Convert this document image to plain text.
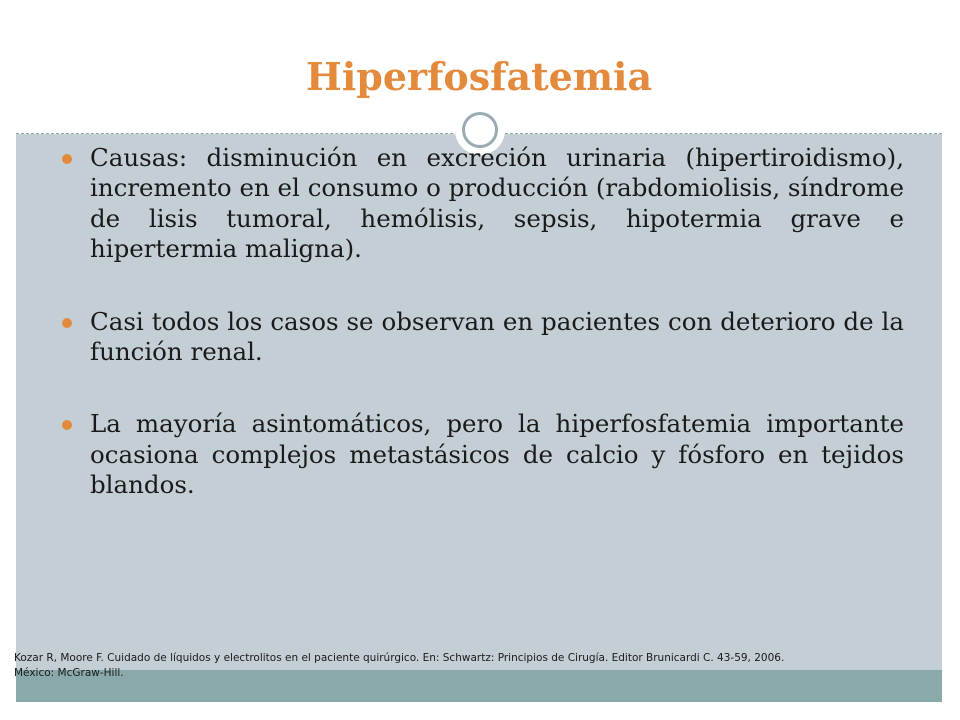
Hiperfosfatemia
Causas: disminución en excreción urinaria (hipertiroidismo), incremento en el consumo o producción (rabdomiolisis, síndrome de lisis tumoral, hemólisis, sepsis, hipotermia grave e hipertermia maligna).
Casi todos los casos se observan en pacientes con deterioro de la función renal.
La mayoría asintomáticos, pero la hiperfosfatemia importante ocasiona complejos metastásicos de calcio y fósforo en tejidos blandos.

Kozar R, Moore F. Cuidado de líquidos y electrolitos en el paciente quirúrgico. En: Schwartz: Principios de Cirugía. Editor Brunicardi C. 43-59, 2006.
México: McGraw-Hill.
